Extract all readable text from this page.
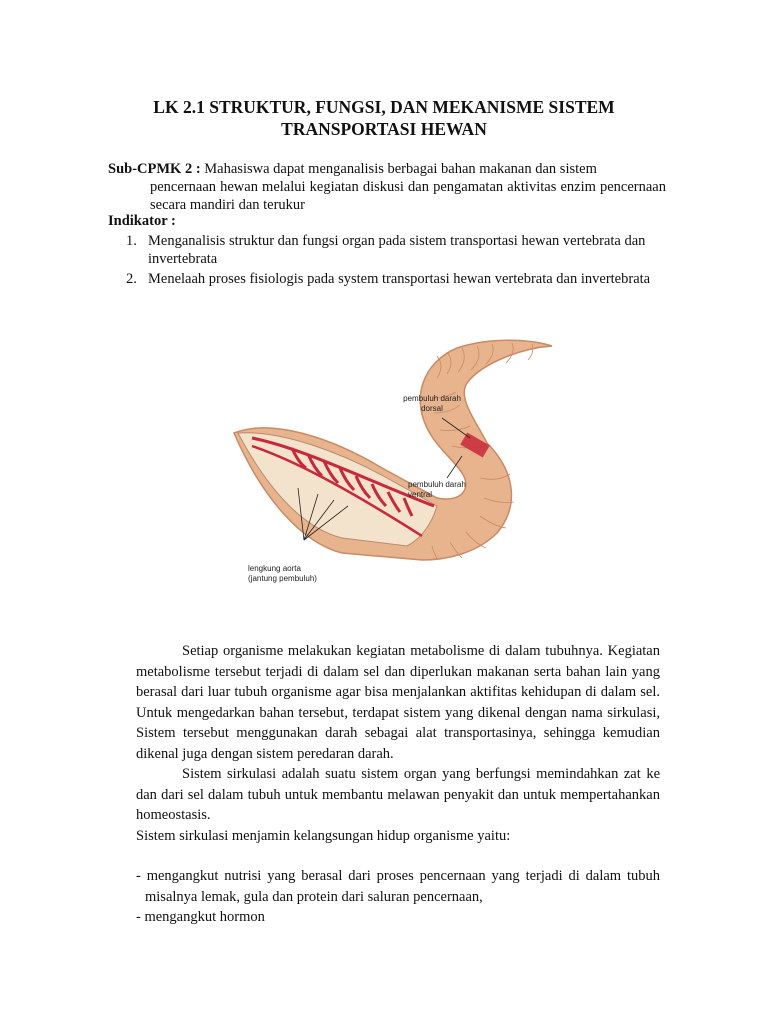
LK 2.1 STRUKTUR, FUNGSI, DAN MEKANISME SISTEM
TRANSPORTASI HEWAN
Sub-CPMK 2 : Mahasiswa dapat menganalisis berbagai bahan makanan dan sistem
pencernaan hewan melalui kegiatan diskusi dan pengamatan aktivitas enzim pencernaan secara mandiri dan terukur
Indikator :
1. Menganalisis struktur dan fungsi organ pada sistem transportasi hewan vertebrata dan invertebrata
2. Menelaah proses fisiologis pada system transportasi hewan vertebrata dan invertebrata
pembuluh darah dorsal
pembuluh darah ventral
lengkung aorta
(jantung pembuluh)

Setiap organisme melakukan kegiatan metabolisme di dalam tubuhnya. Kegiatan metabolisme tersebut terjadi di dalam sel dan diperlukan makanan serta bahan lain yang berasal dari luar tubuh organisme agar bisa menjalankan aktifitas kehidupan di dalam sel. Untuk mengedarkan bahan tersebut, terdapat sistem yang dikenal dengan nama sirkulasi, Sistem tersebut menggunakan darah sebagai alat transportasinya, sehingga kemudian dikenal juga dengan sistem peredaran darah.

Sistem sirkulasi adalah suatu sistem organ yang berfungsi memindahkan zat ke dan dari sel dalam tubuh untuk membantu melawan penyakit dan untuk mempertahankan homeostasis.

Sistem sirkulasi menjamin kelangsungan hidup organisme yaitu:

- mengangkut nutrisi yang berasal dari proses pencernaan yang terjadi di dalam tubuh misalnya lemak, gula dan protein dari saluran pencernaan,

- mengangkut hormon
